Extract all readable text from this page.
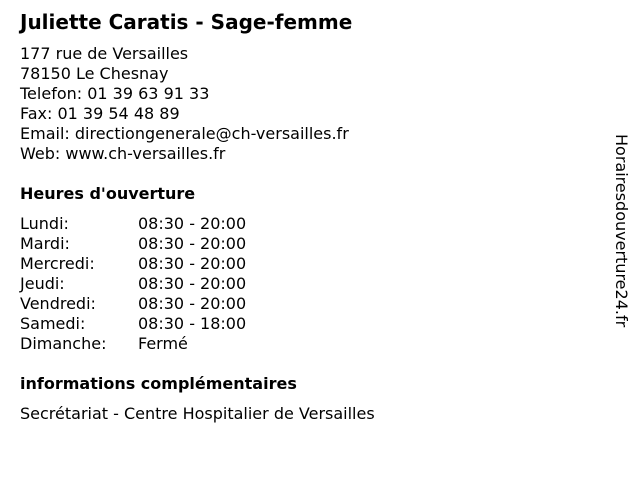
Juliette Caratis - Sage-femme
177 rue de Versailles
78150 Le Chesnay
Telefon: 01 39 63 91 33
Fax: 01 39 54 48 89
Email: directiongenerale@ch-versailles.fr
Web: www.ch-versailles.fr
Heures d'ouverture
Lundi:	08:30 - 20:00
Mardi:	08:30 - 20:00
Mercredi:	08:30 - 20:00
Jeudi:	08:30 - 20:00
Vendredi:	08:30 - 20:00
Samedi:	08:30 - 18:00
Dimanche:	Fermé
informations complémentaires
Secrétariat - Centre Hospitalier de Versailles
Horairesdouverture24.fr
